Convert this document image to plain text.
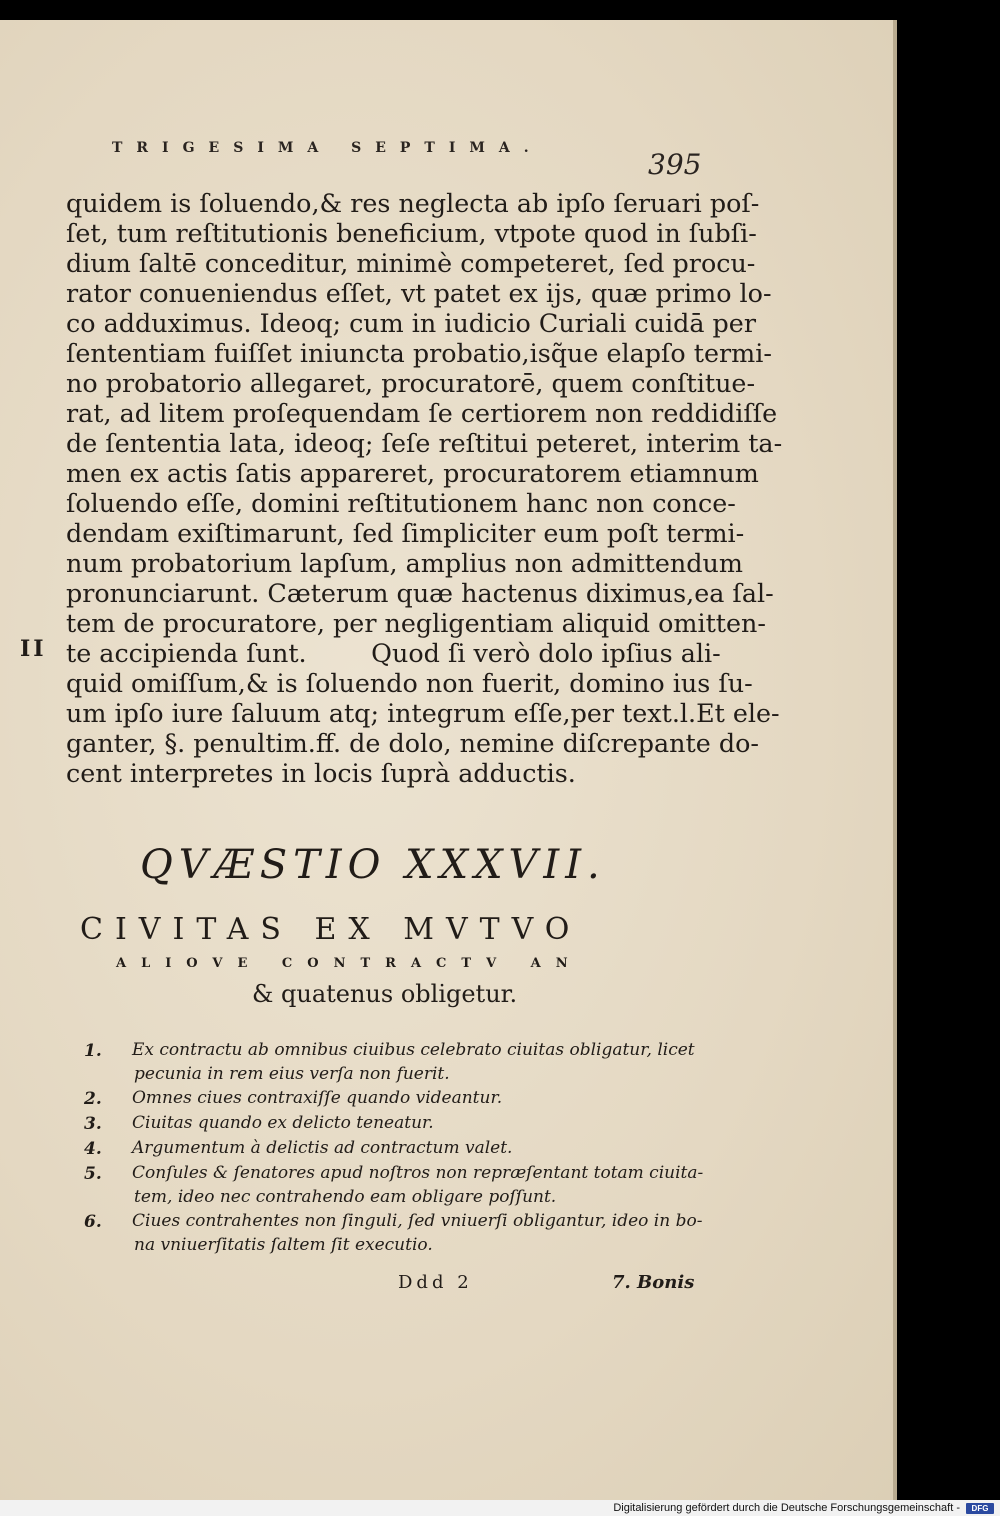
TRIGESIMA SEPTIMA.	395
quidem is ſoluendo,& res neglecta ab ipſo ſeruari poſ-
ſet, tum reſtitutionis beneficium, vtpote quod in ſubſi-
dium ſaltē conceditur, minimè competeret, ſed procu-
rator conueniendus eſſet, vt patet ex ijs, quæ primo lo-
co adduximus. Ideoq; cum in iudicio Curiali cuidā per
ſententiam fuiſſet iniuncta probatio,isq̃ue elapſo termi-
no probatorio allegaret, procuratorē, quem conſtitue-
rat, ad litem proſequendam ſe certiorem non reddidiſſe
de ſententia lata, ideoq; ſeſe reſtitui peteret, interim ta-
men ex actis ſatis appareret, procuratorem etiamnum
ſoluendo eſſe, domini reſtitutionem hanc non conce-
dendam exiſtimarunt, ſed ſimpliciter eum poſt termi-
num probatorium lapſum, amplius non admittendum
pronunciarunt. Cæterum quæ hactenus diximus,ea ſal-
tem de procuratore, per negligentiam aliquid omitten-
te accipienda ſunt.        Quod ſi verò dolo ipſius ali-
quid omiſſum,& is ſoluendo non fuerit, domino ius ſu-
um ipſo iure ſaluum atq; integrum eſſe,per text.l.Et ele-
ganter, §. penultim.ff. de dolo, nemine diſcrepante do-
cent interpretes in locis ſuprà adductis.
II
QVÆSTIO XXXVII.
CIVITAS EX MVTVO
ALIOVE CONTRACTV AN
& quatenus obligetur.
1.	Ex contractu ab omnibus ciuibus celebrato ciuitas obligatur, licet
pecunia in rem eius verſa non fuerit.
2.	Omnes ciues contraxiſſe quando videantur.
3.	Ciuitas quando ex delicto teneatur.
4.	Argumentum à delictis ad contractum valet.
5.	Conſules & ſenatores apud noſtros non repræſentant totam ciuita-
tem, ideo nec contrahendo eam obligare poſſunt.
6.	Ciues contrahentes non ſinguli, ſed vniuerſi obligantur, ideo in bo-
na vniuerſitatis ſaltem ſit executio.
Ddd 2	7. Bonis
Digitalisierung gefördert durch die Deutsche Forschungsgemeinschaft -	DFG
